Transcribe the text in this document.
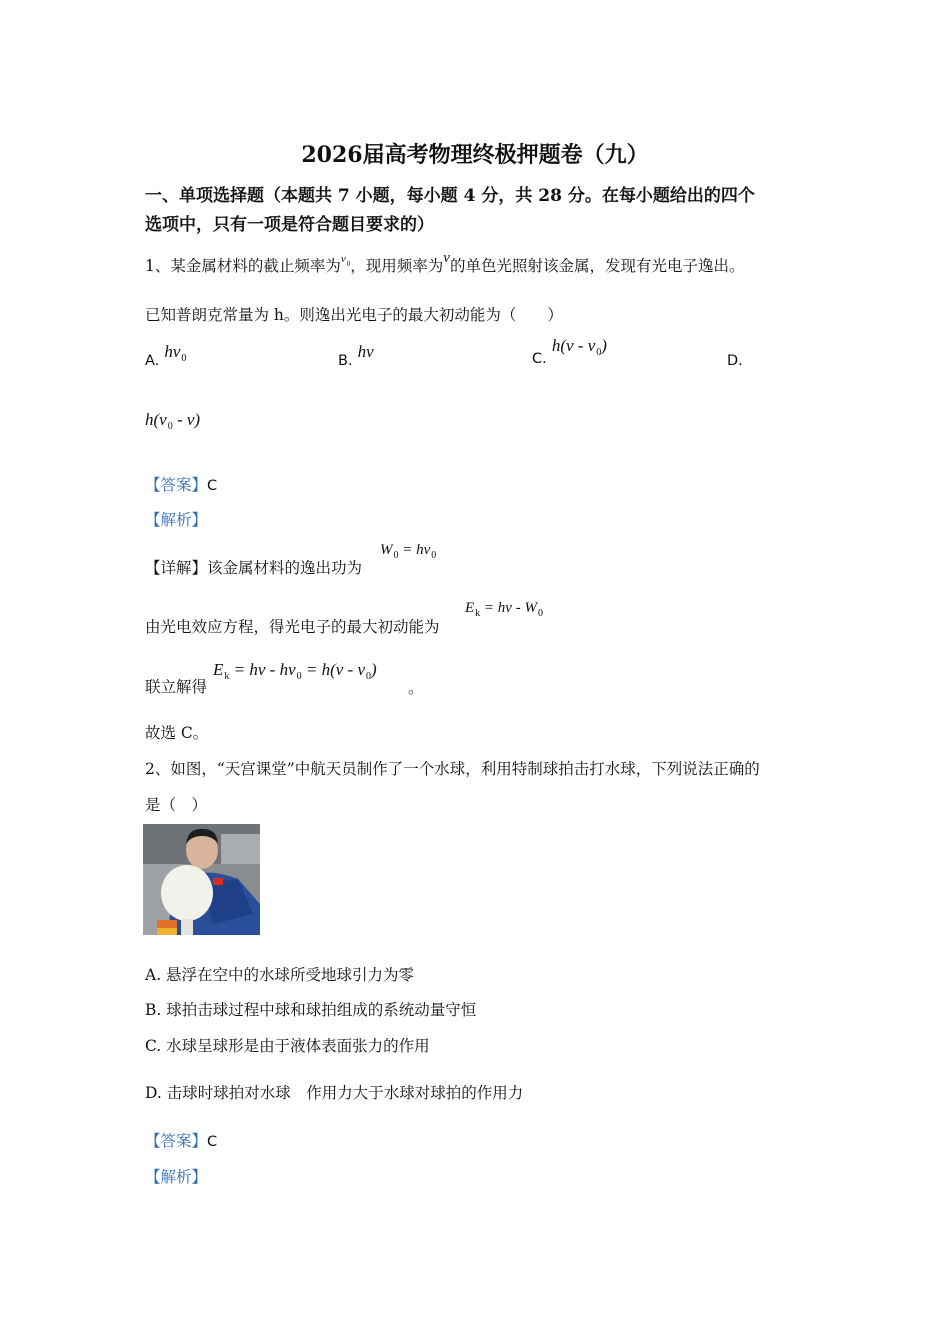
2026届高考物理终极押题卷（九）
一、单项选择题（本题共 7 小题，每小题 4 分，共 28 分。在每小题给出的四个
选项中，只有一项是符合题目要求的）
1、某金属材料的截止频率为$^{\nu_0}$，现用频率为ν的单色光照射该金属，发现有光电子逸出。
已知普朗克常量为 h。则逸出光电子的最大初动能为（　　）
A. $h\nu_0$	B. hν	C. $h(\nu - \nu_0)$
D.
$h(\nu_0 - \nu)$
【答案】C
【解析】
【详解】该金属材料的逸出功为
$W_0 = h\nu_0$
由光电效应方程，得光电子的最大初动能为
$E_k = h\nu - W_0$
联立解得
$E_k = h\nu - h\nu_0 = h(\nu - \nu_0)$
。
故选 C。
2、如图，“天宫课堂”中航天员制作了一个水球，利用特制球拍击打水球，下列说法正确的
是（　）
A. 悬浮在空中的水球所受地球引力为零
B. 球拍击球过程中球和球拍组成的系统动量守恒
C. 水球呈球形是由于液体表面张力的作用
D. 击球时球拍对水球　作用力大于水球对球拍的作用力
【答案】C
【解析】
